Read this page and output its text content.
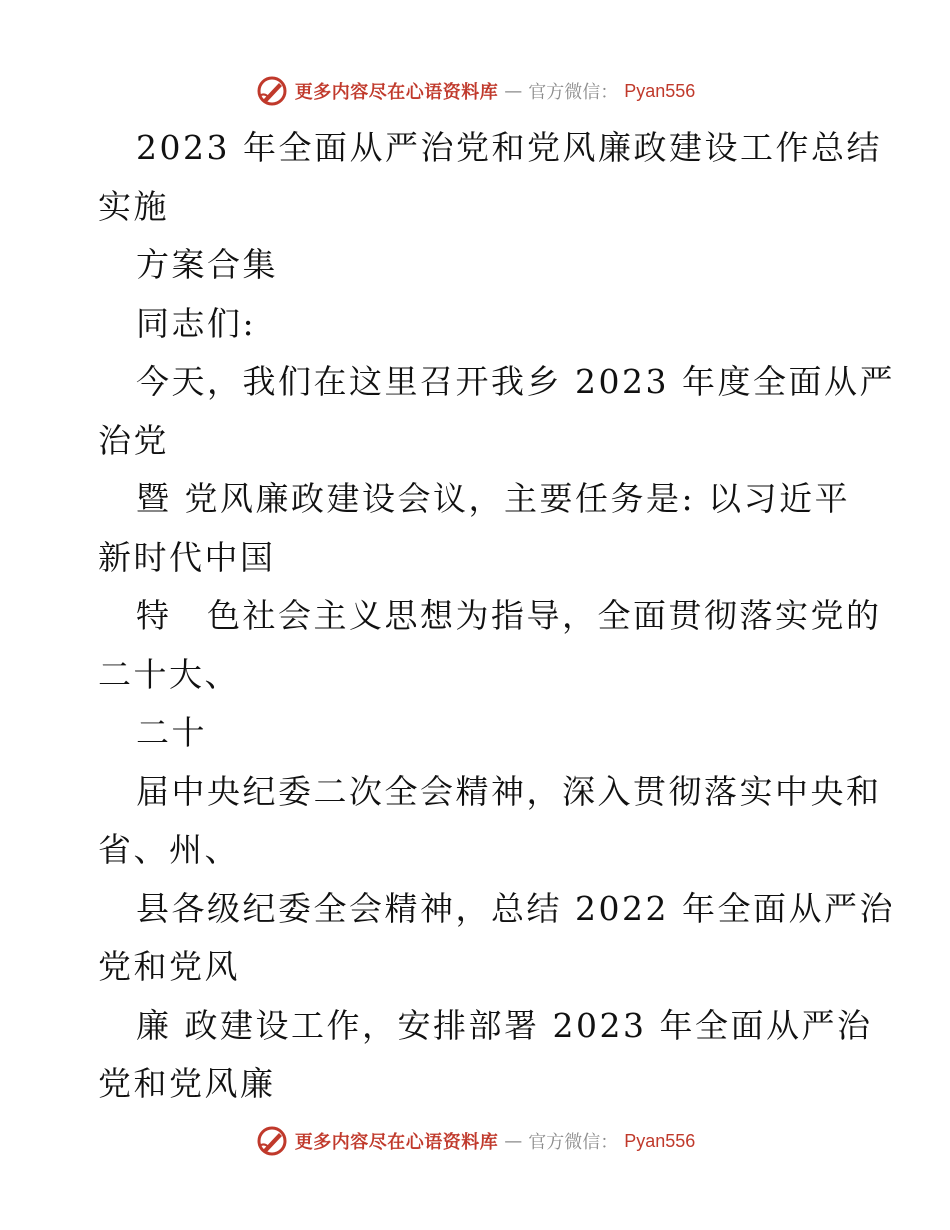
更多内容尽在心语资料库 — 官方微信： Pyan556
2023 年全面从严治党和党风廉政建设工作总结
实施
方案合集
同志们:
今天，我们在这里召开我乡 2023 年度全面从严
治党
暨 党风廉政建设会议，主要任务是: 以习近平
新时代中国
特　色社会主义思想为指导，全面贯彻落实党的
二十大、
二十
届中央纪委二次全会精神，深入贯彻落实中央和
省、州、
县各级纪委全会精神，总结 2022 年全面从严治
党和党风
廉 政建设工作，安排部署 2023 年全面从严治
党和党风廉
更多内容尽在心语资料库 — 官方微信： Pyan556
